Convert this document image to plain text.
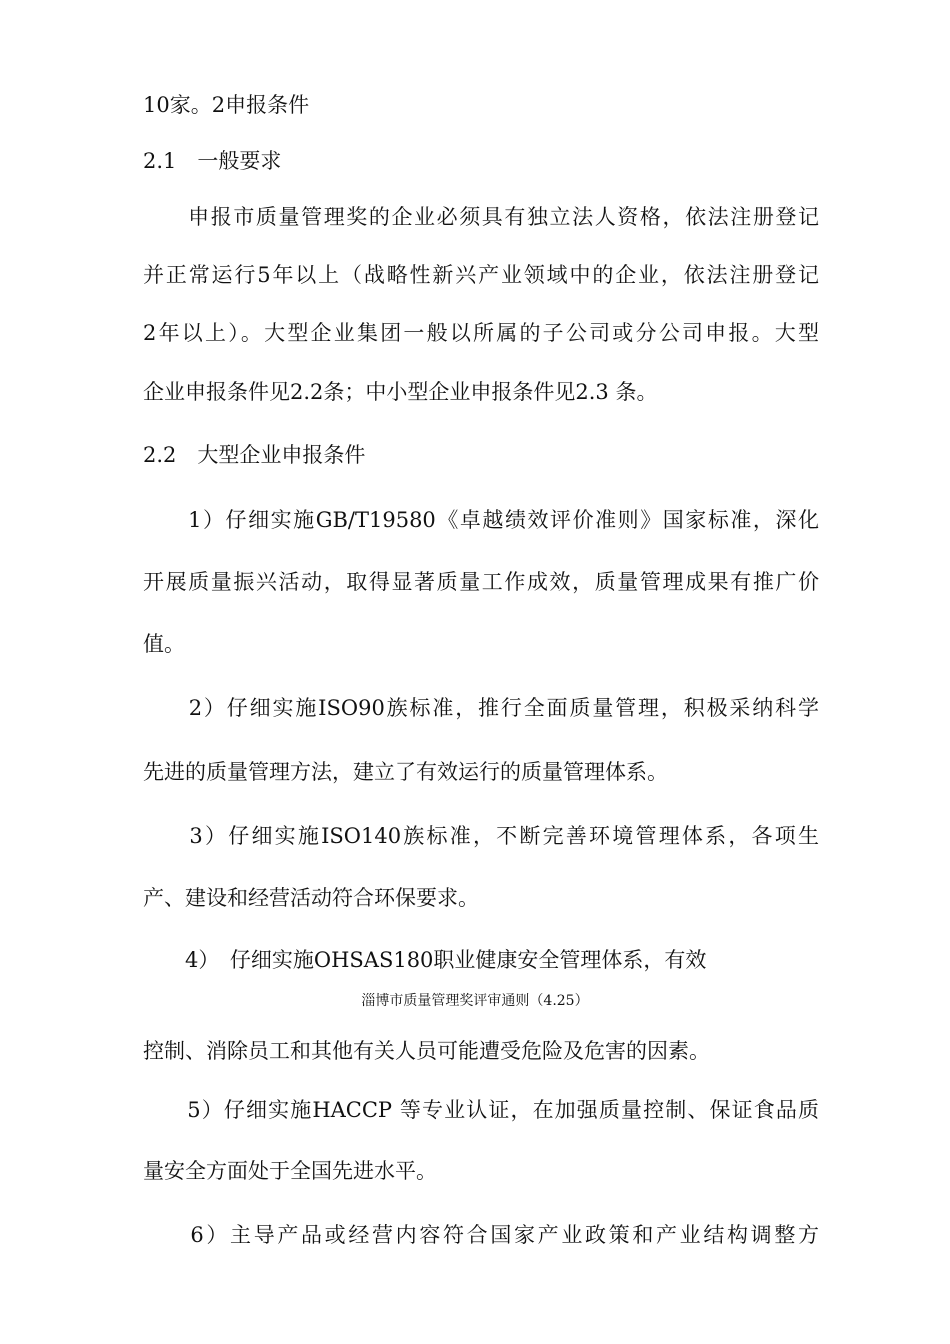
10家。2申报条件

2.1　一般要求

　　申报市质量管理奖的企业必须具有独立法人资格，依法注册登记

并正常运行5年以上（战略性新兴产业领域中的企业，依法注册登记

2年以上）。大型企业集团一般以所属的子公司或分公司申报。大型

企业申报条件见2.2条；中小型企业申报条件见2.3 条。

2.2　大型企业申报条件

　　1）仔细实施GB/T19580《卓越绩效评价准则》国家标准，深化

开展质量振兴活动，取得显著质量工作成效，质量管理成果有推广价

值。

　　2）仔细实施ISO90族标准，推行全面质量管理，积极采纳科学

先进的质量管理方法，建立了有效运行的质量管理体系。

　　3）仔细实施ISO140族标准，不断完善环境管理体系，各项生

产、建设和经营活动符合环保要求。

　　4）　仔细实施OHSAS180职业健康安全管理体系，有效

淄博市质量管理奖评审通则（4.25）

控制、消除员工和其他有关人员可能遭受危险及危害的因素。

　　5）仔细实施HACCP 等专业认证，在加强质量控制、保证食品质

量安全方面处于全国先进水平。

　　6）主导产品或经营内容符合国家产业政策和产业结构调整方
